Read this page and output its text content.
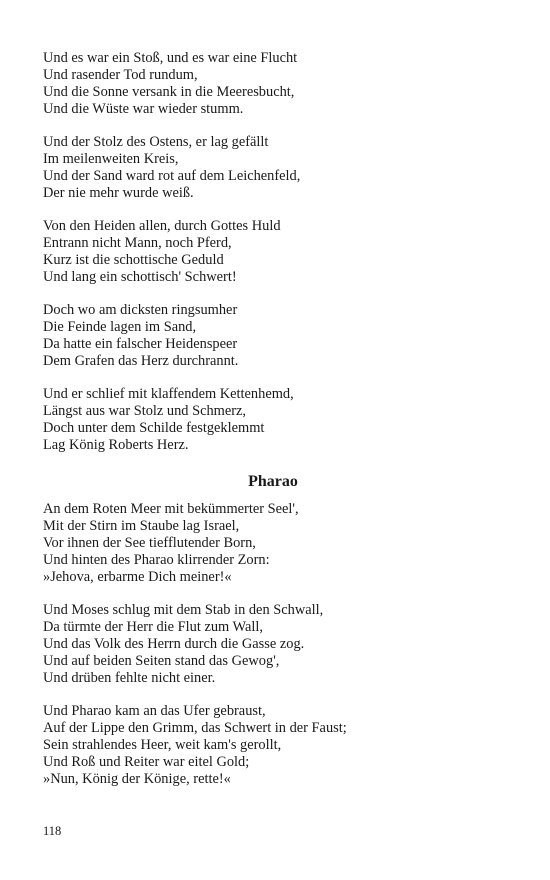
Und es war ein Stoß, und es war eine Flucht
Und rasender Tod rundum,
Und die Sonne versank in die Meeresbucht,
Und die Wüste war wieder stumm.
Und der Stolz des Ostens, er lag gefällt
Im meilenweiten Kreis,
Und der Sand ward rot auf dem Leichenfeld,
Der nie mehr wurde weiß.
Von den Heiden allen, durch Gottes Huld
Entrann nicht Mann, noch Pferd,
Kurz ist die schottische Geduld
Und lang ein schottisch' Schwert!
Doch wo am dicksten ringsumher
Die Feinde lagen im Sand,
Da hatte ein falscher Heidenspeer
Dem Grafen das Herz durchrannt.
Und er schlief mit klaffendem Kettenhemd,
Längst aus war Stolz und Schmerz,
Doch unter dem Schilde festgeklemmt
Lag König Roberts Herz.
Pharao
An dem Roten Meer mit bekümmerter Seel',
Mit der Stirn im Staube lag Israel,
Vor ihnen der See tiefflutender Born,
Und hinten des Pharao klirrender Zorn:
»Jehova, erbarme Dich meiner!«
Und Moses schlug mit dem Stab in den Schwall,
Da türmte der Herr die Flut zum Wall,
Und das Volk des Herrn durch die Gasse zog.
Und auf beiden Seiten stand das Gewog',
Und drüben fehlte nicht einer.
Und Pharao kam an das Ufer gebraust,
Auf der Lippe den Grimm, das Schwert in der Faust;
Sein strahlendes Heer, weit kam's gerollt,
Und Roß und Reiter war eitel Gold;
»Nun, König der Könige, rette!«
118
